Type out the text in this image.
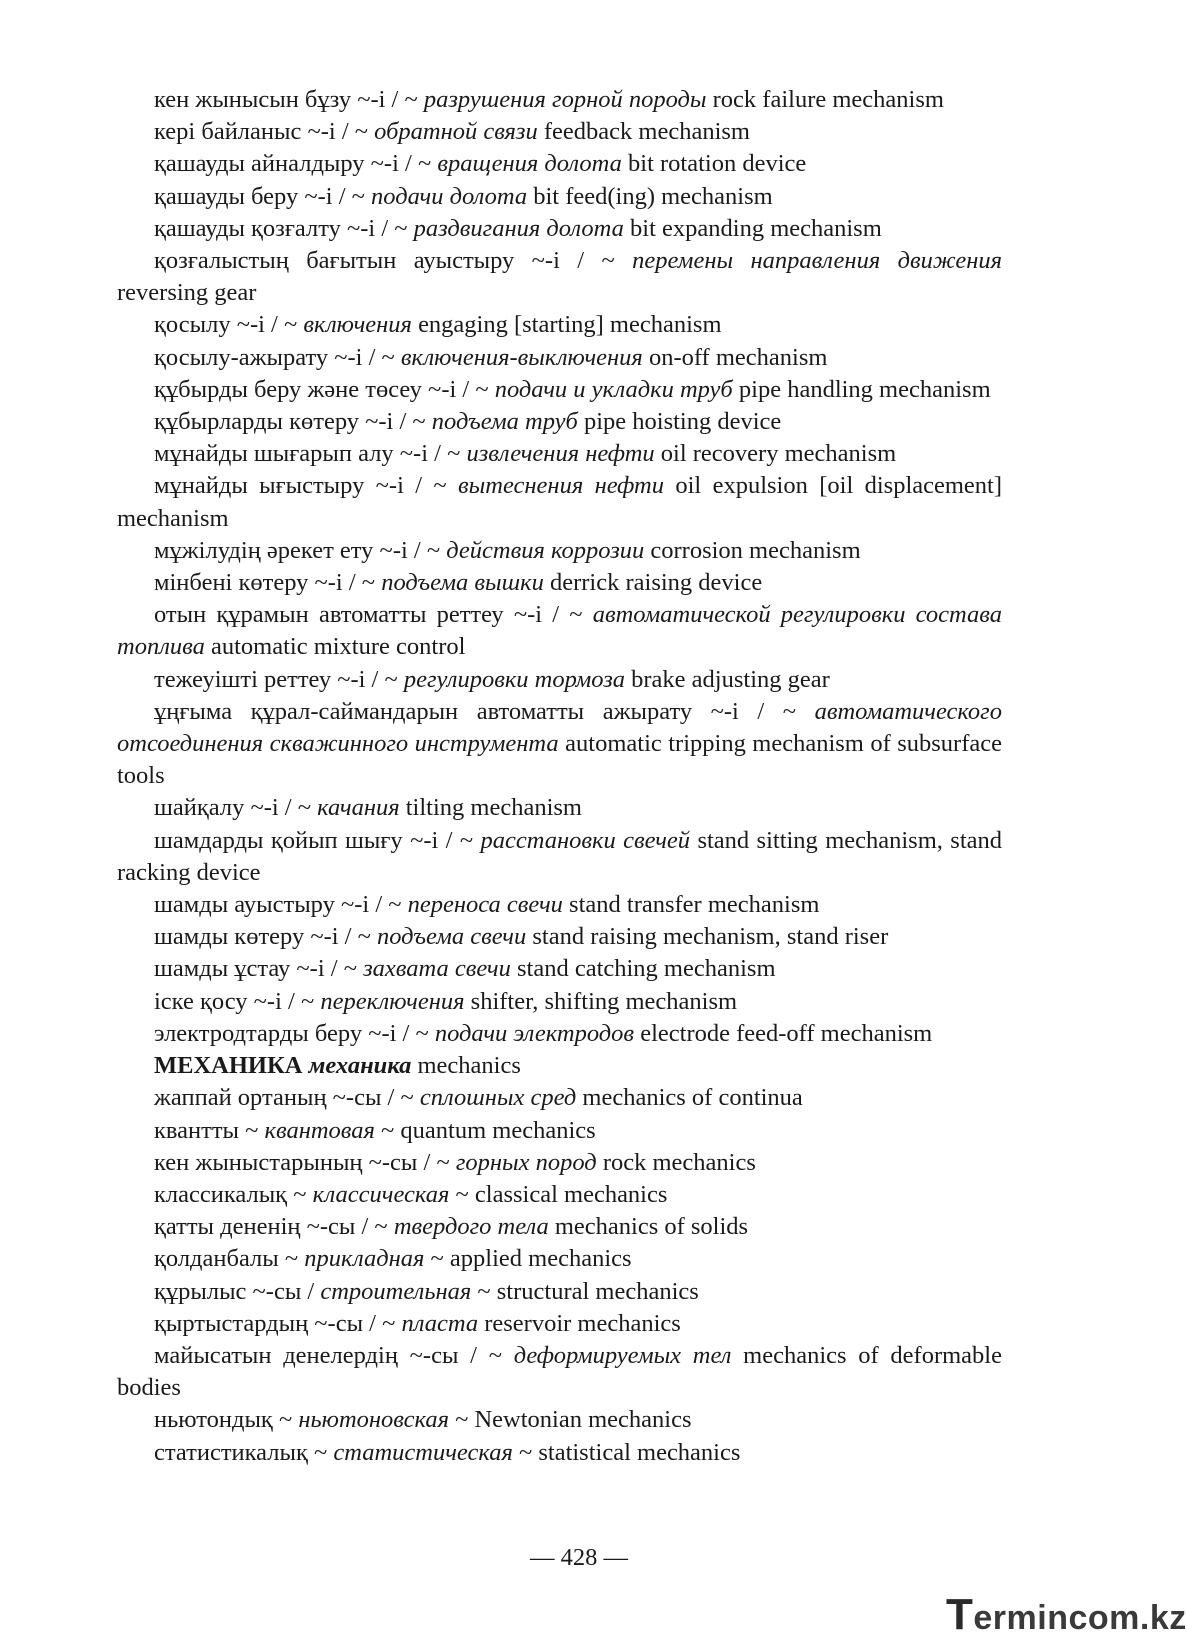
кен жынысын бұзу ~-і / ~ разрушения горной породы rock failure mechanism

кері байланыс ~-і / ~ обратной связи feedback mechanism

қашауды айналдыру ~-і / ~ вращения долота bit rotation device

қашауды беру ~-і / ~ подачи долота bit feed(ing) mechanism

қашауды қозғалту ~-і / ~ раздвигания долота bit expanding mechanism

қозғалыстың бағытын ауыстыру ~-і / ~ перемены направления движения reversing gear

қосылу ~-і / ~ включения engaging [starting] mechanism

қосылу-ажырату ~-і / ~ включения-выключения on-off mechanism

құбырды беру және төсеу ~-і / ~ подачи и укладки труб pipe handling mechanism

құбырларды көтеру ~-і / ~ подъема труб pipe hoisting device

мұнайды шығарып алу ~-і / ~ извлечения нефти oil recovery mechanism

мұнайды ығыстыру ~-і / ~ вытеснения нефти oil expulsion [oil displacement] mechanism

мұжілудің әрекет ету ~-і / ~ действия коррозии corrosion mechanism

мінбені көтеру ~-і / ~ подъема вышки derrick raising device

отын құрамын автоматты реттеу ~-і / ~ автоматической регулировки состава топлива automatic mixture control

тежеуішті реттеу ~-і / ~ регулировки тормоза brake adjusting gear

ұңғыма құрал-саймандарын автоматты ажырату ~-і / ~ автоматического отсоединения скважинного инструмента automatic tripping mechanism of subsurface tools

шайқалу ~-і / ~ качания tilting mechanism

шамдарды қойып шығу ~-і / ~ расстановки свечей stand sitting mechanism, stand racking device

шамды ауыстыру ~-і / ~ переноса свечи stand transfer mechanism

шамды көтеру ~-і / ~ подъема свечи stand raising mechanism, stand riser

шамды ұстау ~-і / ~ захвата свечи stand catching mechanism

іске қосу ~-і / ~ переключения shifter, shifting mechanism

электродтарды беру ~-і / ~ подачи электродов electrode feed-off mechanism

МЕХАНИКА механика mechanics

жаппай ортаның ~-сы / ~ сплошных сред mechanics of continua

квантты ~ квантовая ~ quantum mechanics

кен жыныстарының ~-сы / ~ горных пород rock mechanics

классикалық ~ классическая ~ classical mechanics

қатты дененің ~-сы / ~ твердого тела mechanics of solids

қолданбалы ~ прикладная ~ applied mechanics

құрылыс ~-сы / строительная ~ structural mechanics

қыртыстардың ~-сы / ~ пласта reservoir mechanics

майысатын денелердің ~-сы / ~ деформируемых тел mechanics of deformable bodies

ньютондық ~ ньютоновская ~ Newtonian mechanics

статистикалық ~ статистическая ~ statistical mechanics

— 428 —
Termincom.kz
